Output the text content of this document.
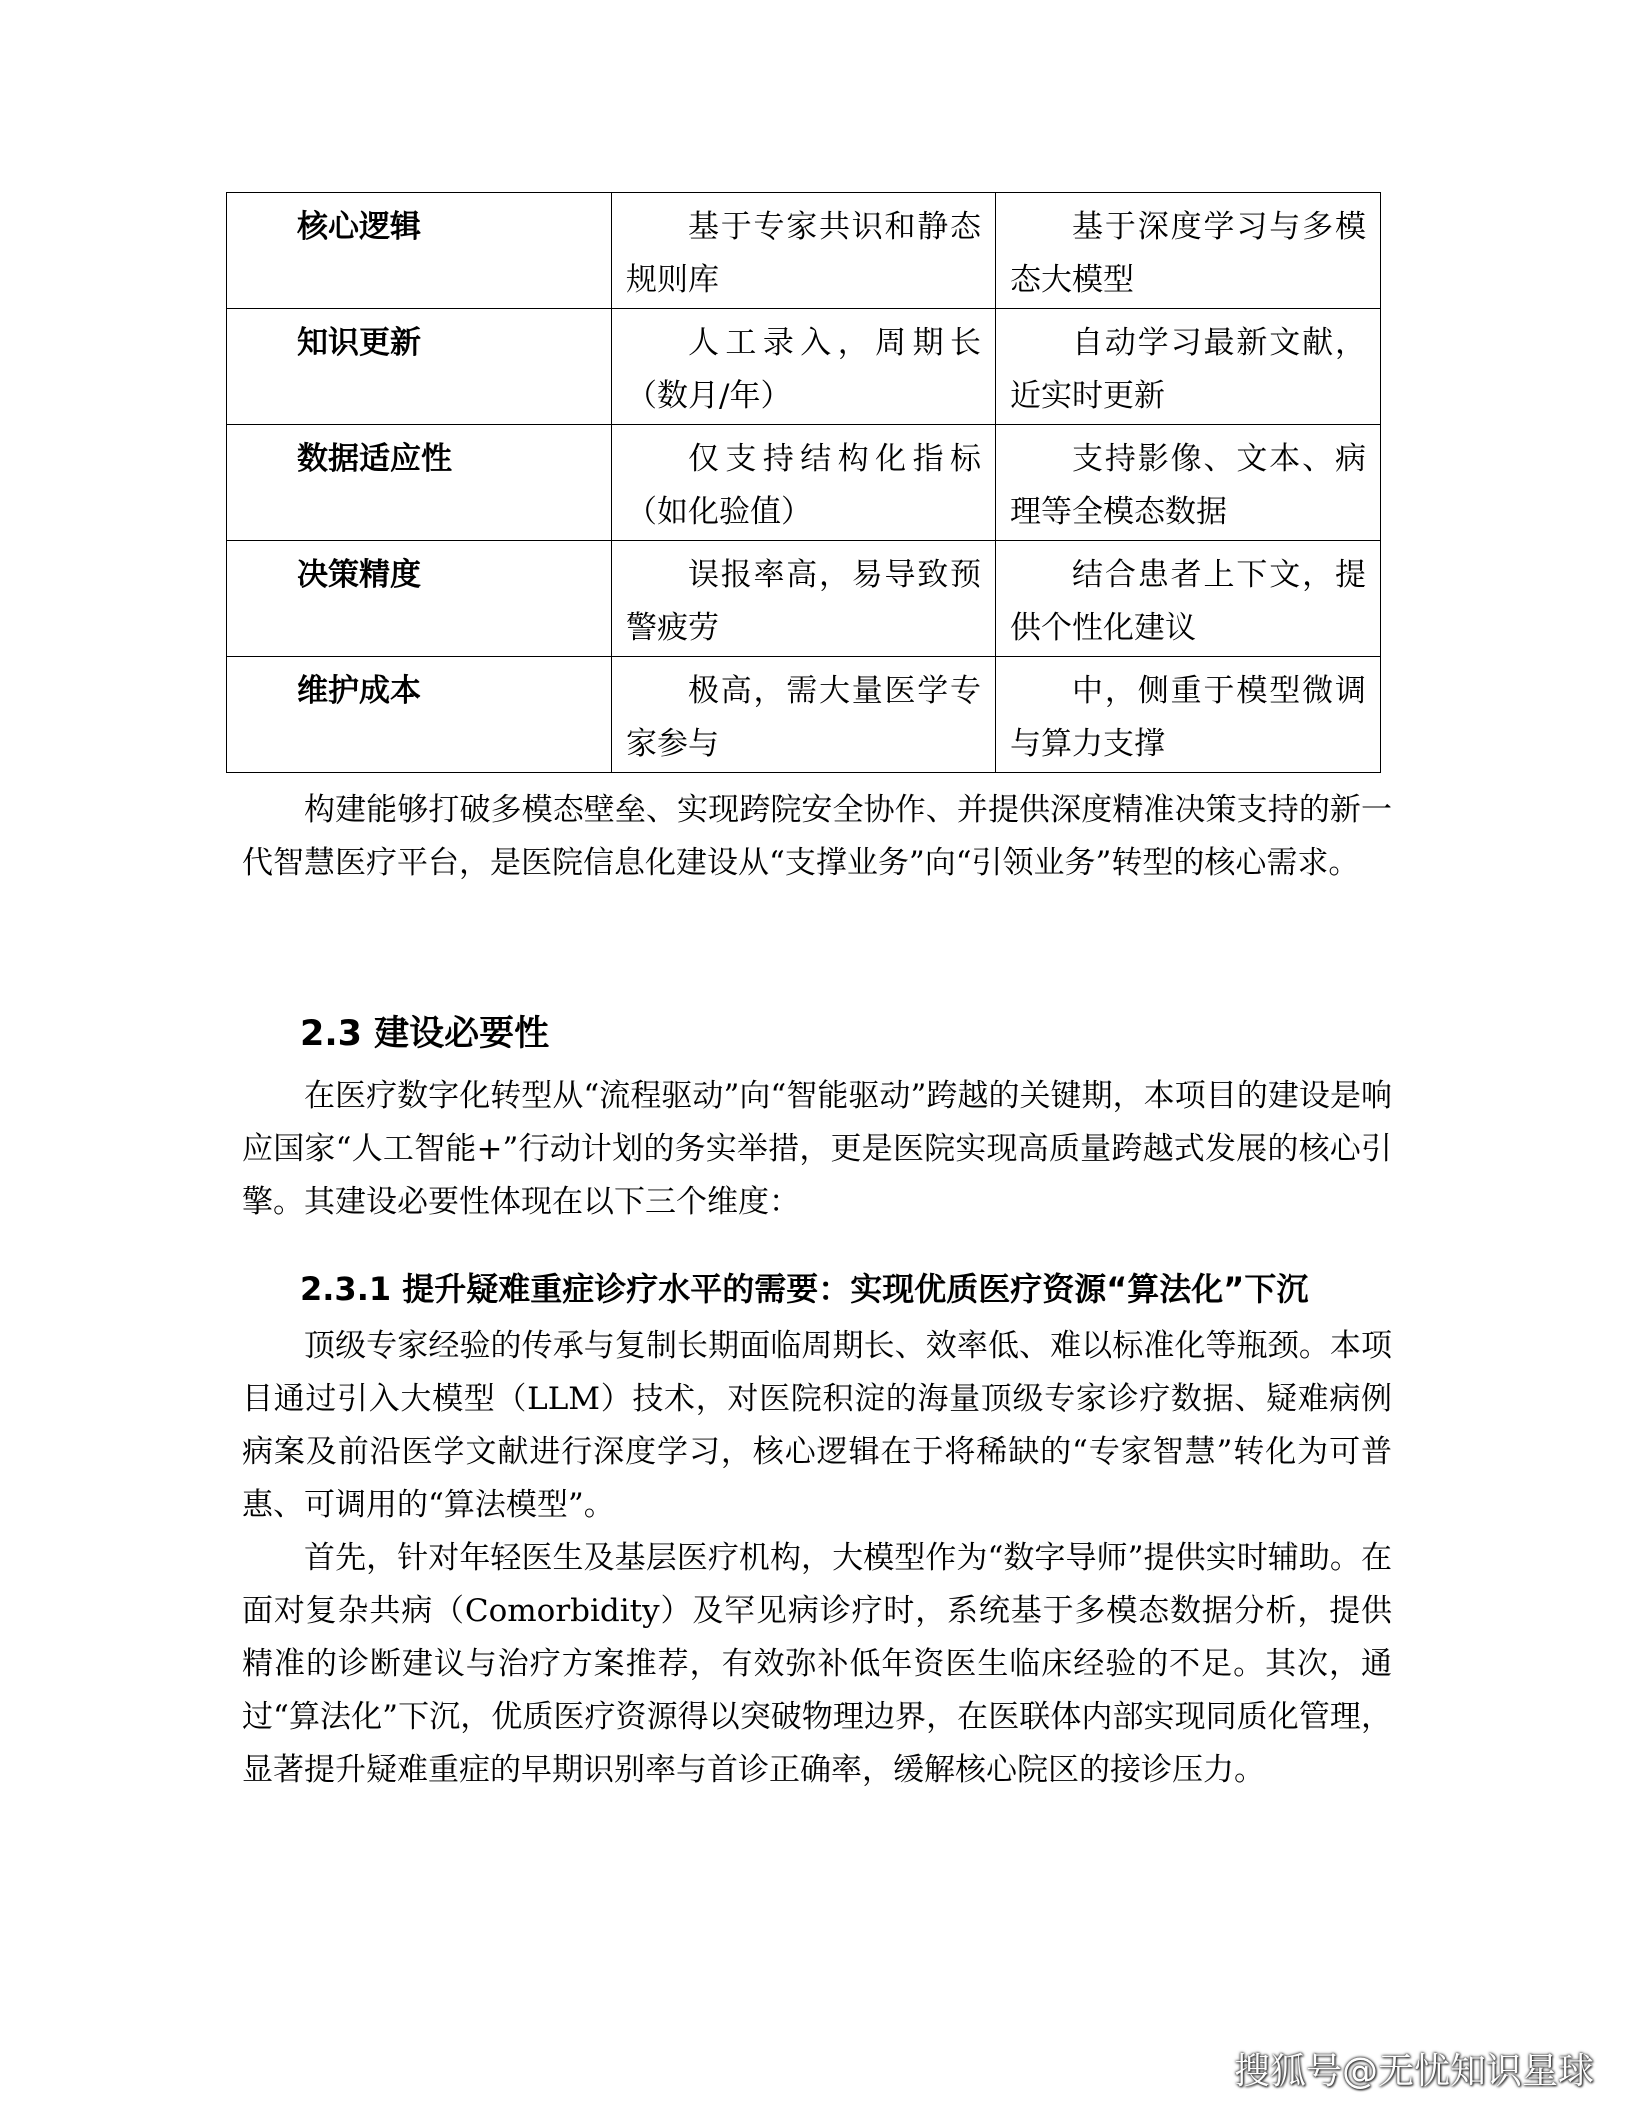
核心逻辑	基于专家共识和静态规则库	基于深度学习与多模态大模型
知识更新	人工录入，周期长（数月/年）	自动学习最新文献，近实时更新
数据适应性	仅支持结构化指标（如化验值）	支持影像、文本、病理等全模态数据
决策精度	误报率高，易导致预警疲劳	结合患者上下文，提供个性化建议
维护成本	极高，需大量医学专家参与	中，侧重于模型微调与算力支撑

构建能够打破多模态壁垒、实现跨院安全协作、并提供深度精准决策支持的新一代智慧医疗平台，是医院信息化建设从“支撑业务”向“引领业务”转型的核心需求。

2.3 建设必要性

在医疗数字化转型从“流程驱动”向“智能驱动”跨越的关键期，本项目的建设是响应国家“人工智能+”行动计划的务实举措，更是医院实现高质量跨越式发展的核心引擎。其建设必要性体现在以下三个维度：

2.3.1 提升疑难重症诊疗水平的需要：实现优质医疗资源“算法化”下沉

顶级专家经验的传承与复制长期面临周期长、效率低、难以标准化等瓶颈。本项目通过引入大模型（LLM）技术，对医院积淀的海量顶级专家诊疗数据、疑难病例病案及前沿医学文献进行深度学习，核心逻辑在于将稀缺的“专家智慧”转化为可普惠、可调用的“算法模型”。

首先，针对年轻医生及基层医疗机构，大模型作为“数字导师”提供实时辅助。在面对复杂共病（Comorbidity）及罕见病诊疗时，系统基于多模态数据分析，提供精准的诊断建议与治疗方案推荐，有效弥补低年资医生临床经验的不足。其次，通过“算法化”下沉，优质医疗资源得以突破物理边界，在医联体内部实现同质化管理，显著提升疑难重症的早期识别率与首诊正确率，缓解核心院区的接诊压力。

搜狐号@无忧知识星球
